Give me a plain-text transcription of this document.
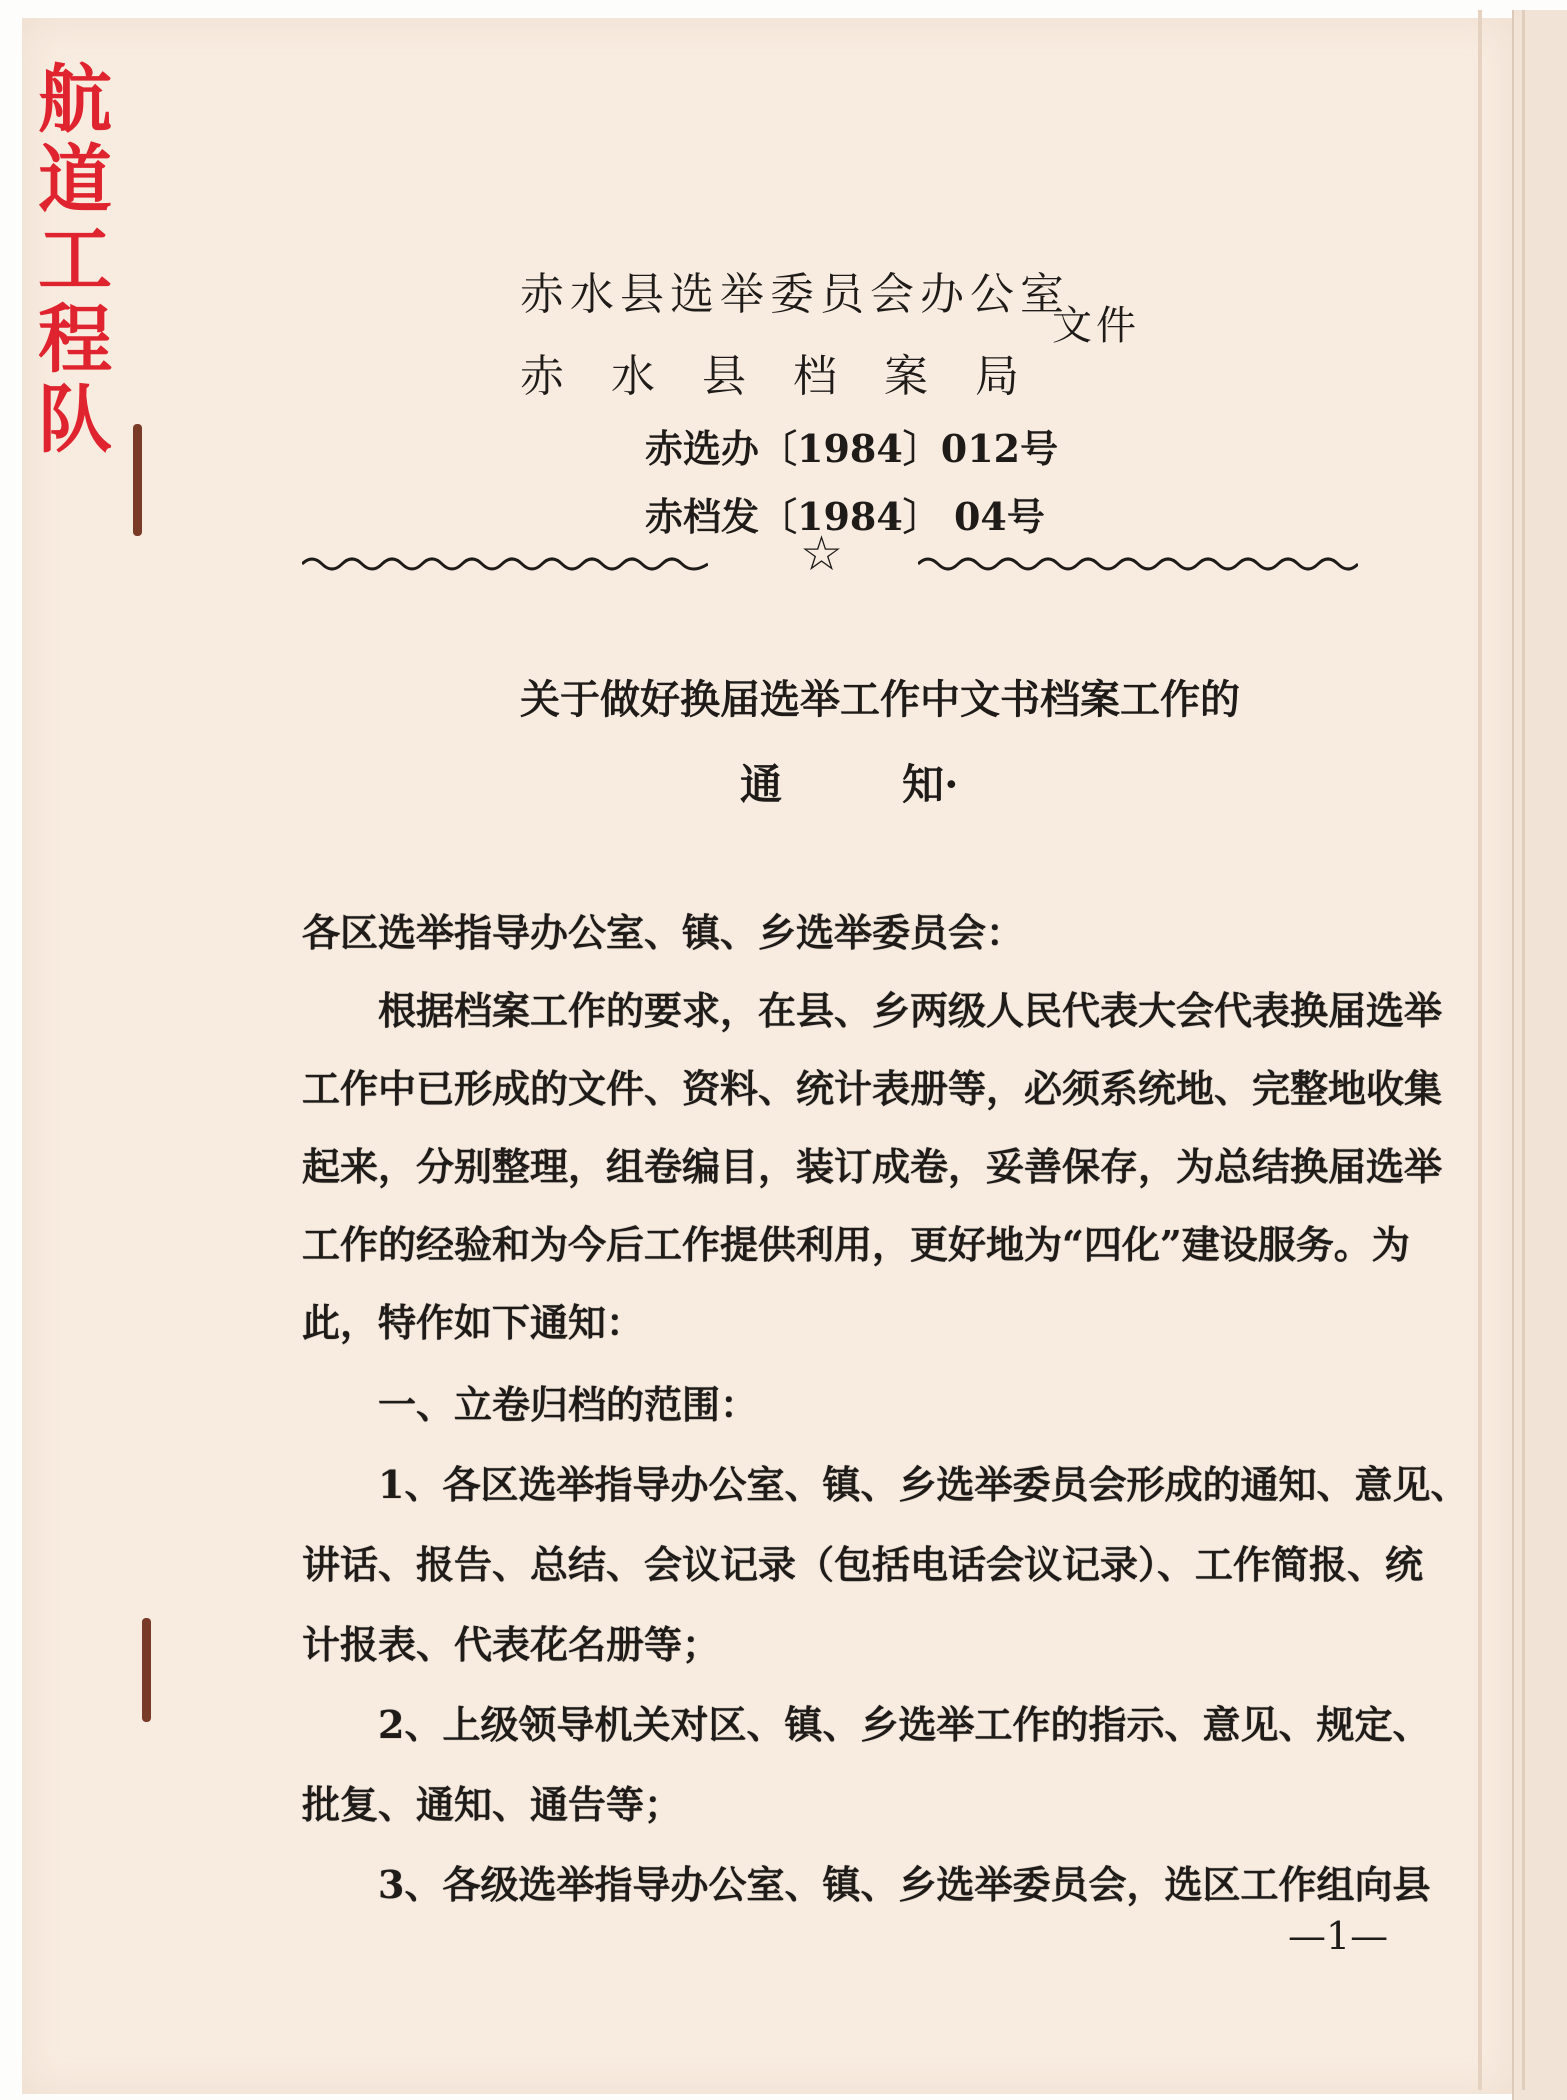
航道工程队	赤水县选举委员会办公室
赤 水 县 档 案 局
文件
赤选办〔1984〕012号
赤档发〔1984〕 04号
☆
关于做好换届选举工作中文书档案工作的
通	知·
各区选举指导办公室、镇、乡选举委员会：
　　根据档案工作的要求，在县、乡两级人民代表大会代表换届选举
工作中已形成的文件、资料、统计表册等，必须系统地、完整地收集
起来，分别整理，组卷编目，装订成卷，妥善保存，为总结换届选举
工作的经验和为今后工作提供利用，更好地为“四化”建设服务。为
此，特作如下通知：
　　一、立卷归档的范围：
　　1、各区选举指导办公室、镇、乡选举委员会形成的通知、意见、
讲话、报告、总结、会议记录（包括电话会议记录）、工作简报、统
计报表、代表花名册等；
　　2、上级领导机关对区、镇、乡选举工作的指示、意见、规定、
批复、通知、通告等；
　　3、各级选举指导办公室、镇、乡选举委员会，选区工作组向县
—1—
